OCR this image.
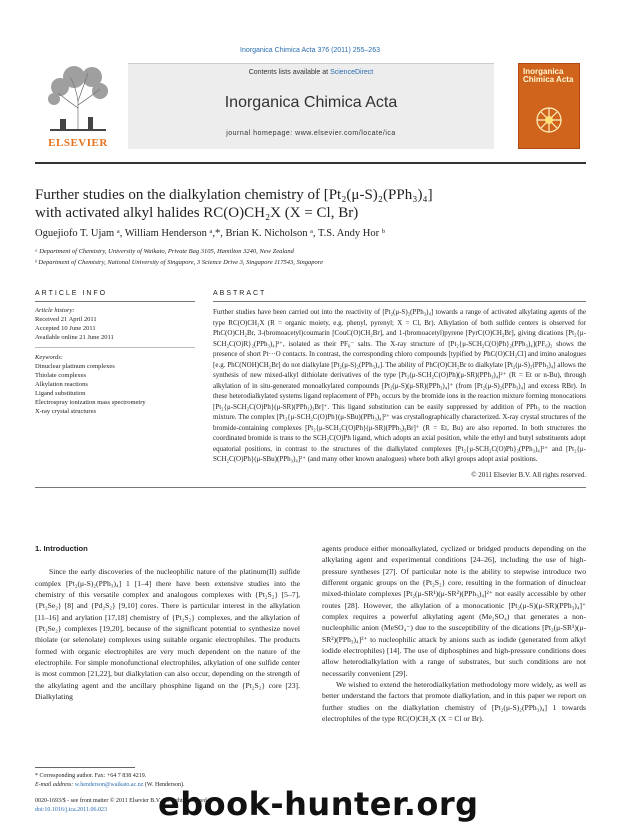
Inorganica Chimica Acta 376 (2011) 255–263
ELSEVIER
Contents lists available at ScienceDirect
Inorganica Chimica Acta
journal homepage: www.elsevier.com/locate/ica
Inorganica Chimica Acta
Further studies on the dialkylation chemistry of [Pt₂(μ-S)₂(PPh₃)₄]
with activated alkyl halides RC(O)CH₂X (X = Cl, Br)
Oguejiofo T. Ujam ᵃ, William Henderson ᵃ,*, Brian K. Nicholson ᵃ, T.S. Andy Hor ᵇ
ᵃ Department of Chemistry, University of Waikato, Private Bag 3105, Hamilton 3240, New Zealand
ᵇ Department of Chemistry, National University of Singapore, 3 Science Drive 3, Singapore 117543, Singapore
ARTICLE INFO
Article history:
Received 21 April 2011
Accepted 10 June 2011
Available online 21 June 2011
Keywords:
Dinuclear platinum complexes
Thiolate complexes
Alkylation reactions
Ligand substitution
Electrospray ionization mass spectrometry
X-ray crystal structures
ABSTRACT
Further studies have been carried out into the reactivity of [Pt₂(μ-S)₂(PPh₃)₄] towards a range of activated alkylating agents of the type RC(O)CH₂X (R = organic moiety, e.g. phenyl, pyrenyl; X = Cl, Br). Alkylation of both sulfide centers is observed for PhC(O)CH₂Br, 3-(bromoacetyl)coumarin [CouC(O)CH₂Br], and 1-(bromoacetyl)pyrene [PyrC(O)CH₂Br], giving dications [Pt₂{μ-SCH₂C(O)R}₂(PPh₃)₄]²⁺, isolated as their PF₆⁻ salts. The X-ray structure of [Pt₂{μ-SCH₂C(O)Ph}₂(PPh₃)₄](PF₆)₂ shows the presence of short Pt···O contacts. In contrast, the corresponding chloro compounds [typified by PhC(O)CH₂Cl] and imino analogues [e.g. PhC(NOH)CH₂Br] do not dialkylate [Pt₂(μ-S)₂(PPh₃)₄]. The ability of PhC(O)CH₂Br to dialkylate [Pt₂(μ-S)₂(PPh₃)₄] allows the synthesis of new mixed-alkyl dithiolate derivatives of the type [Pt₂(μ-SCH₂C(O)Ph)(μ-SR)(PPh₃)₄]²⁺ (R = Et or n-Bu), through alkylation of in situ-generated monoalkylated compounds [Pt₂(μ-S)(μ-SR)(PPh₃)₄]⁺ (from [Pt₂(μ-S)₂(PPh₃)₄] and excess RBr). In these heterodialkylated systems ligand replacement of PPh₃ occurs by the bromide ions in the reaction mixture forming monocations [Pt₂{μ-SCH₂C(O)Ph}(μ-SR)(PPh₃)₃Br]⁺. This ligand substitution can be easily suppressed by addition of PPh₃ to the reaction mixture. The complex [Pt₂{μ-SCH₂C(O)Ph}(μ-SBu)(PPh₃)₄]²⁺ was crystallographically characterized. X-ray crystal structures of the bromide-containing complexes [Pt₂{μ-SCH₂C(O)Ph}(μ-SR)(PPh₃)₃Br]⁺ (R = Et, Bu) are also reported. In both structures the coordinated bromide is trans to the SCH₂C(O)Ph ligand, which adopts an axial position, while the ethyl and butyl substituents adopt equatorial positions, in contrast to the structures of the dialkylated complexes [Pt₂{μ-SCH₂C(O)Ph}₂(PPh₃)₄]²⁺ and [Pt₂{μ-SCH₂C(O)Ph}(μ-SBu)(PPh₃)₄]²⁺ (and many other known analogues) where both alkyl groups adopt axial positions.
© 2011 Elsevier B.V. All rights reserved.
1. Introduction

Since the early discoveries of the nucleophilic nature of the platinum(II) sulfide complex [Pt₂(μ-S)₂(PPh₃)₄] 1 [1–4] there have been extensive studies into the chemistry of this versatile complex and analogous complexes with {Pt₂S₂} [5–7], {Pt₂Se₂} [8] and {Pd₂S₂} [9,10] cores. There is particular interest in the alkylation [11–16] and arylation [17,18] chemistry of {Pt₂S₂} complexes, and the alkylation of {Pt₂Se₂} complexes [19,20], because of the significant potential to synthesize novel thiolate (or selenolate) complexes using suitable organic electrophiles. The products formed with organic electrophiles are very much dependent on the nature of the electrophile. For simple monofunctional electrophiles, alkylation of one sulfide center is most common [21,22], but dialkylation can also occur, depending on the strength of the alkylating agent and the ancillary phosphine ligand on the {Pt₂S₂} core [23]. Dialkylating

agents produce either monoalkylated, cyclized or bridged products depending on the alkylating agent and experimental conditions [24–26], including the use of high-pressure syntheses [27]. Of particular note is the ability to stepwise introduce two different organic groups on the {Pt₂S₂} core, resulting in the formation of dinuclear mixed-thiolate complexes [Pt₂(μ-SR¹)(μ-SR²)(PPh₃)₄]²⁺ not easily accessible by other routes [28]. However, the alkylation of a monocationic [Pt₂(μ-S)(μ-SR)(PPh₃)₄]⁺ complex requires a powerful alkylating agent (Me₂SO₄) that generates a non-nucleophilic anion (MeSO₄⁻) due to the susceptibility of the dications [Pt₂(μ-SR¹)(μ-SR²)(PPh₃)₄]²⁺ to nucleophilic attack by anions such as iodide (generated from alkyl iodide electrophiles) [14]. The use of diphosphines and high-pressure conditions does allow heterodialkylation with a range of substrates, but such conditions are not necessarily convenient [29].

We wished to extend the heterodialkylation methodology more widely, as well as better understand the factors that promote dialkylation, and in this paper we report on further studies on the dialkylation chemistry of [Pt₂(μ-S)₂(PPh₃)₄] 1 towards electrophiles of the type RC(O)CH₂X (X = Cl or Br).

* Corresponding author. Fax: +64 7 838 4219.
E-mail address: w.henderson@waikato.ac.nz (W. Henderson).
0020-1693/$ - see front matter © 2011 Elsevier B.V. All rights reserved.
doi:10.1016/j.ica.2011.06.023	ebook-hunter.org
